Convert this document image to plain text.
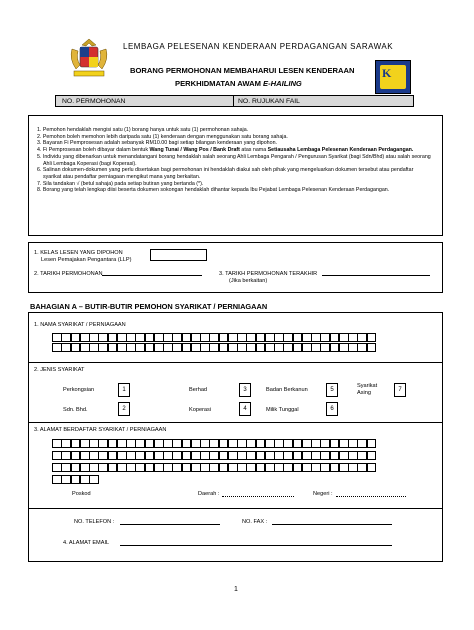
K
LEMBAGA PELESENAN KENDERAAN PERDAGANGAN SARAWAK
BORANG PERMOHONAN MEMBAHARUI LESEN KENDERAAN
PERKHIDMATAN AWAM E-HAILING
NO. PERMOHONAN	NO. RUJUKAN FAIL
1. Pemohon hendaklah mengisi satu (1) borang hanya untuk satu (1) permohonan sahaja.
2. Pemohon boleh memohon lebih daripada satu (1) kenderaan dengan menggunakan satu borang sahaja.
3. Bayaran Fi Pemprosesan adalah sebanyak RM10.00 bagi setiap bilangan kenderaan yang dipohon.
4. Fi Pemprosesan boleh dibayar dalam bentuk Wang Tunai / Wang Pos / Bank Draft atas nama Setiausaha Lembaga Pelesenan Kenderaan Perdagangan.
5. Individu yang dibenarkan untuk menandatangani borang hendaklah salah seorang Ahli Lembaga Pengarah / Pengurusan Syarikat (bagi Sdn/Bhd) atau salah seorang Ahli Lembaga Koperasi (bagi Koperasi).
6. Salinan dokumen-dokumen yang perlu disertakan bagi permohonan ini hendaklah diakui sah oleh pihak yang mengeluarkan dokumen tersebut atau pendaftar syarikat atau pendaftar perniagaan mengikut mana yang berkaitan.
7. Sila tandakan √ (betul sahaja) pada setiap butiran yang bertanda (*).
8. Borang yang telah lengkap diisi beserta dokumen sokongan hendaklah dihantar kepada Ibu Pejabat Lembaga Pelesenan Kenderaan Perdagangan.
1. KELAS LESEN YANG DIPOHON
Lesen Pemajakan Pengantara (LLP)
2. TARIKH PERMOHONAN	3. TARIKH PERMOHONAN TERAKHIR
(Jika berkaitan)
BAHAGIAN A – BUTIR-BUTIR PEMOHON SYARIKAT / PERNIAGAAN
1. NAMA SYARIKAT / PERNIAGAAN
2. JENIS SYARIKAT
Perkongsian	1
Sdn. Bhd.	2
Berhad	3
Koperasi	4
Badan Berkanun	5
Milik Tunggal	6
Syarikat Asing	7
3. ALAMAT BERDAFTAR SYARIKAT / PERNIAGAAN
Poskod	Daerah :	Negeri :
NO. TELEFON :	NO. FAX :
4. ALAMAT EMAIL
1
